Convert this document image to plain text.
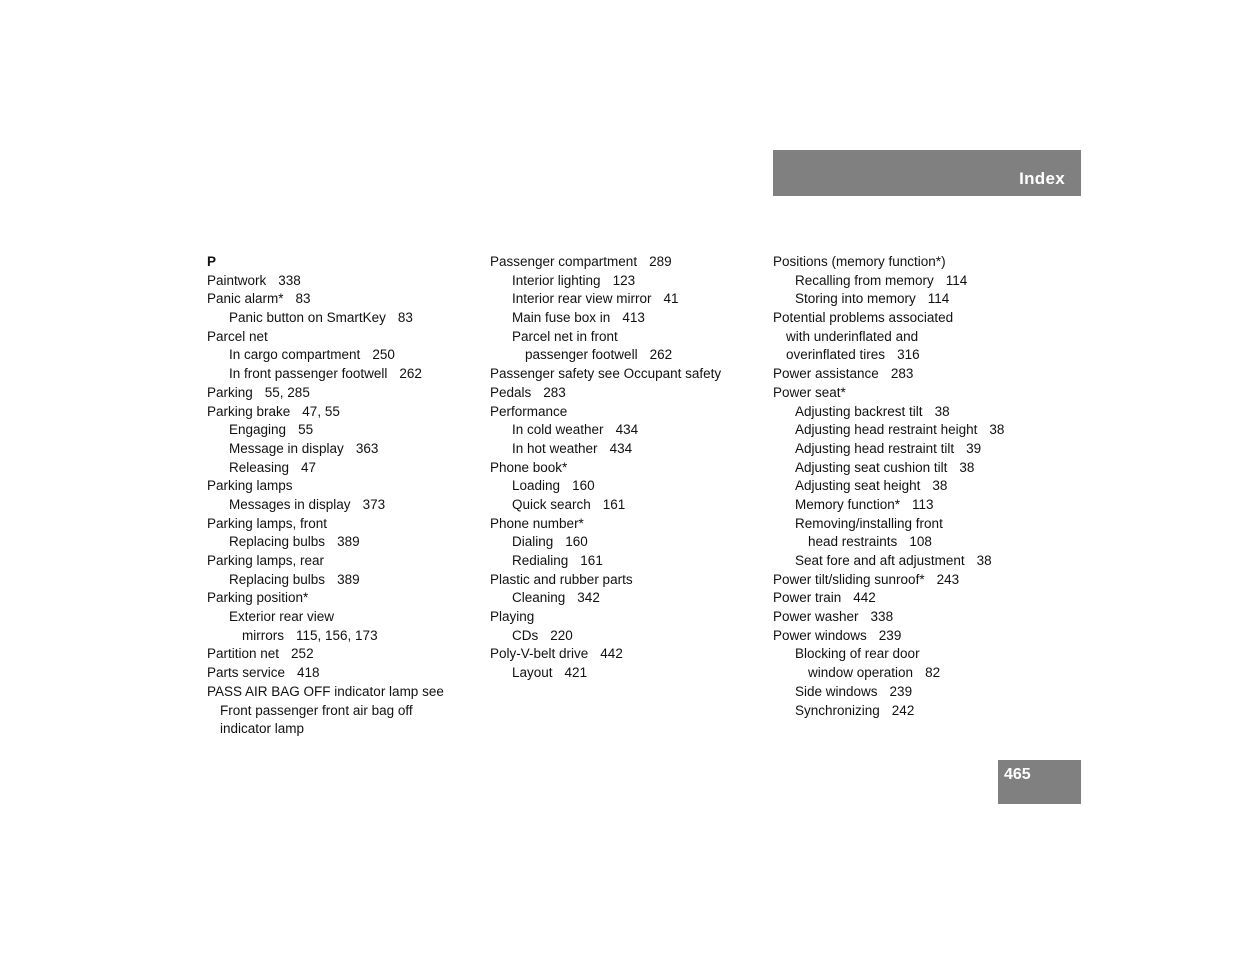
Index
P
Paintwork 338
Panic alarm* 83
Panic button on SmartKey 83
Parcel net
In cargo compartment 250
In front passenger footwell 262
Parking 55, 285
Parking brake 47, 55
Engaging 55
Message in display 363
Releasing 47
Parking lamps
Messages in display 373
Parking lamps, front
Replacing bulbs 389
Parking lamps, rear
Replacing bulbs 389
Parking position*
Exterior rear view
mirrors 115, 156, 173
Partition net 252
Parts service 418
PASS AIR BAG OFF indicator lamp see
Front passenger front air bag off
indicator lamp
Passenger compartment 289
Interior lighting 123
Interior rear view mirror 41
Main fuse box in 413
Parcel net in front
passenger footwell 262
Passenger safety see Occupant safety
Pedals 283
Performance
In cold weather 434
In hot weather 434
Phone book*
Loading 160
Quick search 161
Phone number*
Dialing 160
Redialing 161
Plastic and rubber parts
Cleaning 342
Playing
CDs 220
Poly-V-belt drive 442
Layout 421
Positions (memory function*)
Recalling from memory 114
Storing into memory 114
Potential problems associated
with underinflated and
overinflated tires 316
Power assistance 283
Power seat*
Adjusting backrest tilt 38
Adjusting head restraint height 38
Adjusting head restraint tilt 39
Adjusting seat cushion tilt 38
Adjusting seat height 38
Memory function* 113
Removing/installing front
head restraints 108
Seat fore and aft adjustment 38
Power tilt/sliding sunroof* 243
Power train 442
Power washer 338
Power windows 239
Blocking of rear door
window operation 82
Side windows 239
Synchronizing 242
465
